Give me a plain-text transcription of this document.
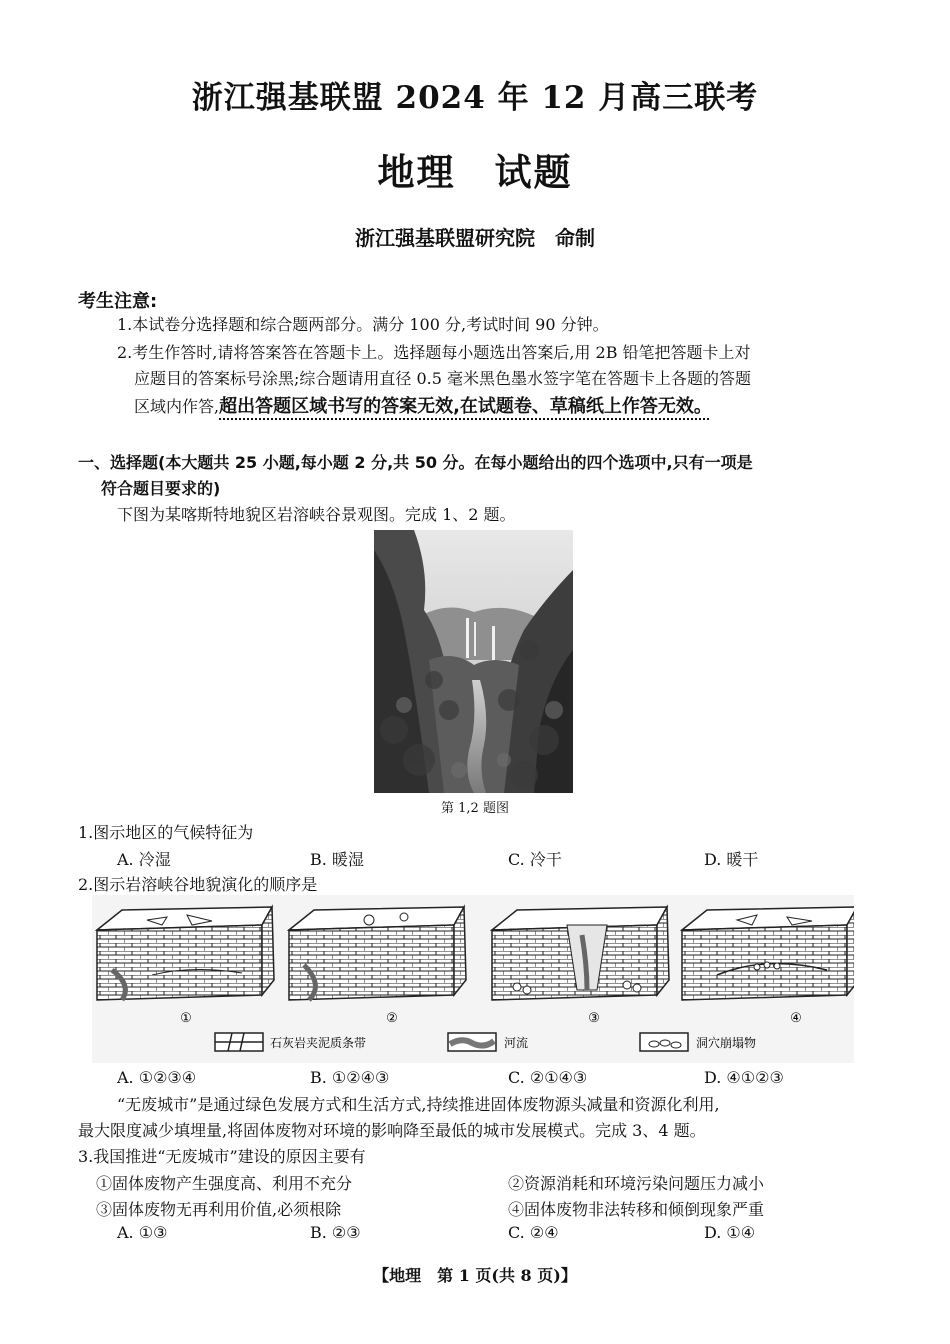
浙江强基联盟 2024 年 12 月高三联考
地理　试题
浙江强基联盟研究院　命制
考生注意:
1.本试卷分选择题和综合题两部分。满分 100 分,考试时间 90 分钟。
2.考生作答时,请将答案答在答题卡上。选择题每小题选出答案后,用 2B 铅笔把答题卡上对
应题目的答案标号涂黑;综合题请用直径 0.5 毫米黑色墨水签字笔在答题卡上各题的答题
区域内作答,超出答题区域书写的答案无效,在试题卷、草稿纸上作答无效。
一、选择题(本大题共 25 小题,每小题 2 分,共 50 分。在每小题给出的四个选项中,只有一项是
符合题目要求的)
下图为某喀斯特地貌区岩溶峡谷景观图。完成 1、2 题。
第 1,2 题图
1.图示地区的气候特征为
A. 冷湿	B. 暖湿	C. 冷干	D. 暖干
2.图示岩溶峡谷地貌演化的顺序是
①	②	③	④
石灰岩夹泥质条带	河流	洞穴崩塌物
A. ①②③④	B. ①②④③	C. ②①④③	D. ④①②③
“无废城市”是通过绿色发展方式和生活方式,持续推进固体废物源头减量和资源化利用,
最大限度减少填埋量,将固体废物对环境的影响降至最低的城市发展模式。完成 3、4 题。
3.我国推进“无废城市”建设的原因主要有
①固体废物产生强度高、利用不充分	②资源消耗和环境污染问题压力减小
③固体废物无再利用价值,必须根除	④固体废物非法转移和倾倒现象严重
A. ①③	B. ②③	C. ②④	D. ①④
【地理　第 1 页(共 8 页)】
